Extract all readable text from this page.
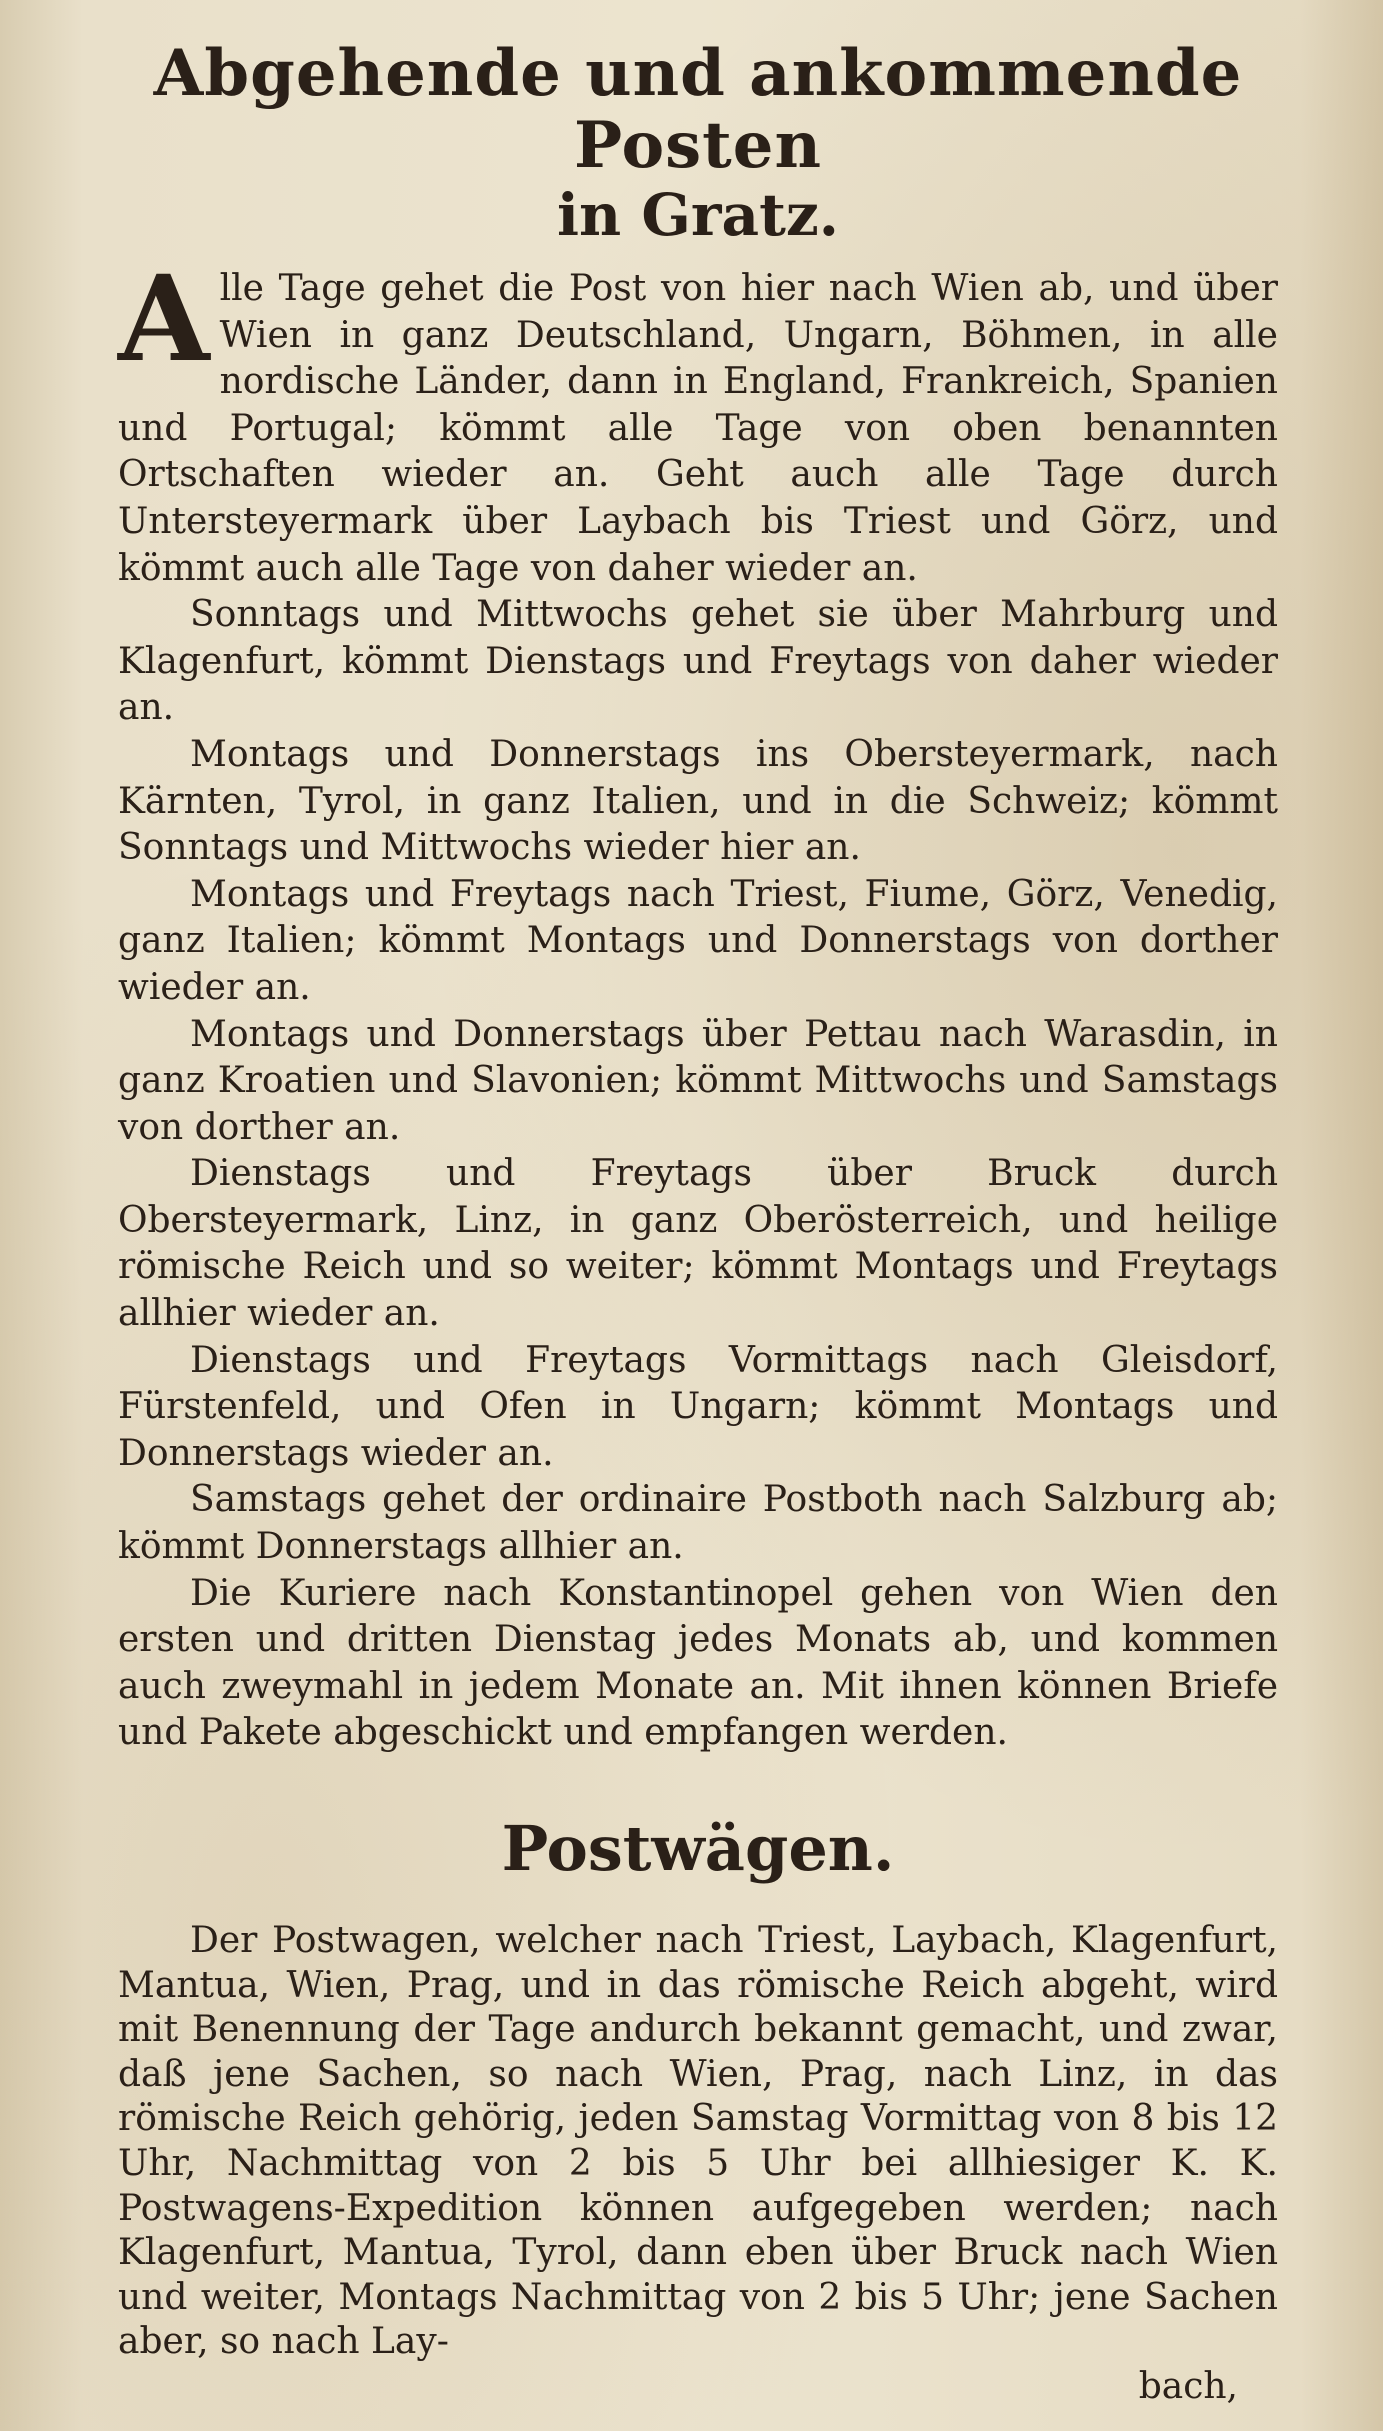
Abgehende und ankommende Posten
in Gratz.

Alle Tage gehet die Post von hier nach Wien ab, und über Wien in ganz Deutschland, Ungarn, Böhmen, in alle nordische Länder, dann in England, Frankreich, Spanien und Portugal; kömmt alle Tage von oben benannten Ortschaften wieder an. Geht auch alle Tage durch Untersteyermark über Laybach bis Triest und Görz, und kömmt auch alle Tage von daher wieder an.

Sonntags und Mittwochs gehet sie über Mahrburg und Klagenfurt, kömmt Dienstags und Freytags von daher wieder an.

Montags und Donnerstags ins Obersteyermark, nach Kärnten, Tyrol, in ganz Italien, und in die Schweiz; kömmt Sonntags und Mittwochs wieder hier an.

Montags und Freytags nach Triest, Fiume, Görz, Venedig, ganz Italien; kömmt Montags und Donnerstags von dorther wieder an.

Montags und Donnerstags über Pettau nach Warasdin, in ganz Kroatien und Slavonien; kömmt Mittwochs und Samstags von dorther an.

Dienstags und Freytags über Bruck durch Obersteyermark, Linz, in ganz Oberösterreich, und heilige römische Reich und so weiter; kömmt Montags und Freytags allhier wieder an.

Dienstags und Freytags Vormittags nach Gleisdorf, Fürstenfeld, und Ofen in Ungarn; kömmt Montags und Donnerstags wieder an.

Samstags gehet der ordinaire Postboth nach Salzburg ab; kömmt Donnerstags allhier an.

Die Kuriere nach Konstantinopel gehen von Wien den ersten und dritten Dienstag jedes Monats ab, und kommen auch zweymahl in jedem Monate an. Mit ihnen können Briefe und Pakete abgeschickt und empfangen werden.

Postwägen.

Der Postwagen, welcher nach Triest, Laybach, Klagenfurt, Mantua, Wien, Prag, und in das römische Reich abgeht, wird mit Benennung der Tage andurch bekannt gemacht, und zwar, daß jene Sachen, so nach Wien, Prag, nach Linz, in das römische Reich gehörig, jeden Samstag Vormittag von 8 bis 12 Uhr, Nachmittag von 2 bis 5 Uhr bei allhiesiger K. K. Postwagens-Expedition können aufgegeben werden; nach Klagenfurt, Mantua, Tyrol, dann eben über Bruck nach Wien und weiter, Montags Nachmittag von 2 bis 5 Uhr; jene Sachen aber, so nach Lay-

bach,
